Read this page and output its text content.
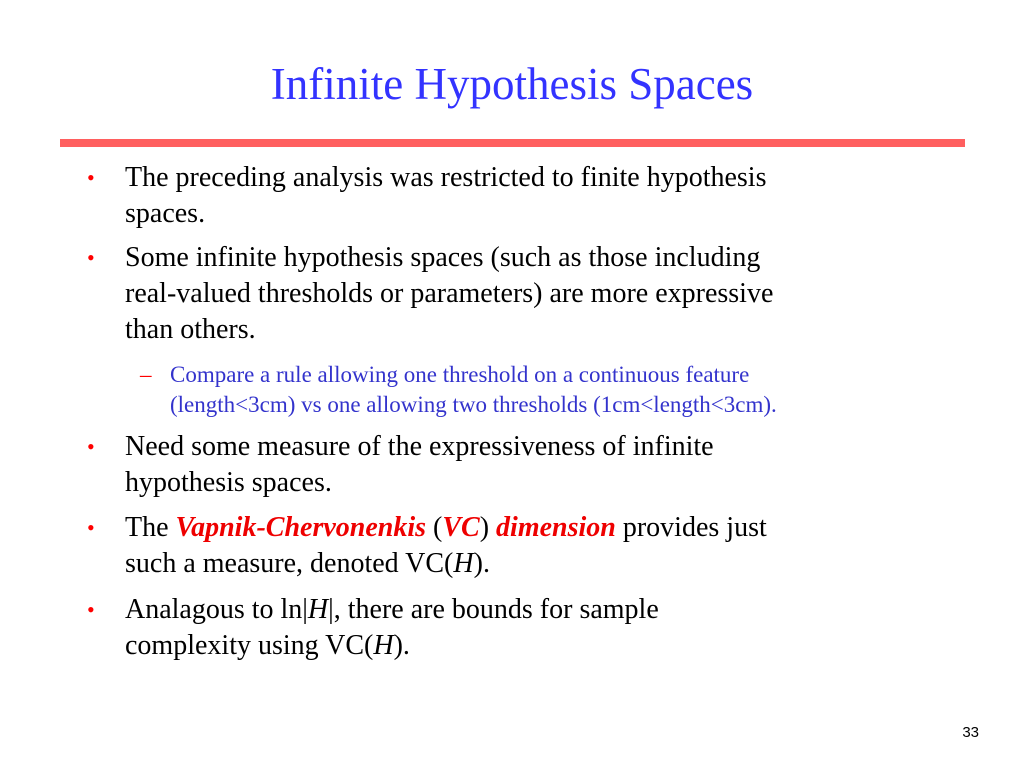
Infinite Hypothesis Spaces
• The preceding analysis was restricted to finite hypothesis
spaces.
• Some infinite hypothesis spaces (such as those including
real-valued thresholds or parameters) are more expressive
than others.
– Compare a rule allowing one threshold on a continuous feature
(length<3cm) vs one allowing two thresholds (1cm<length<3cm).
• Need some measure of the expressiveness of infinite
hypothesis spaces.
• The Vapnik-Chervonenkis (VC) dimension provides just
such a measure, denoted VC(H).
• Analagous to ln|H|, there are bounds for sample
complexity using VC(H).
33
